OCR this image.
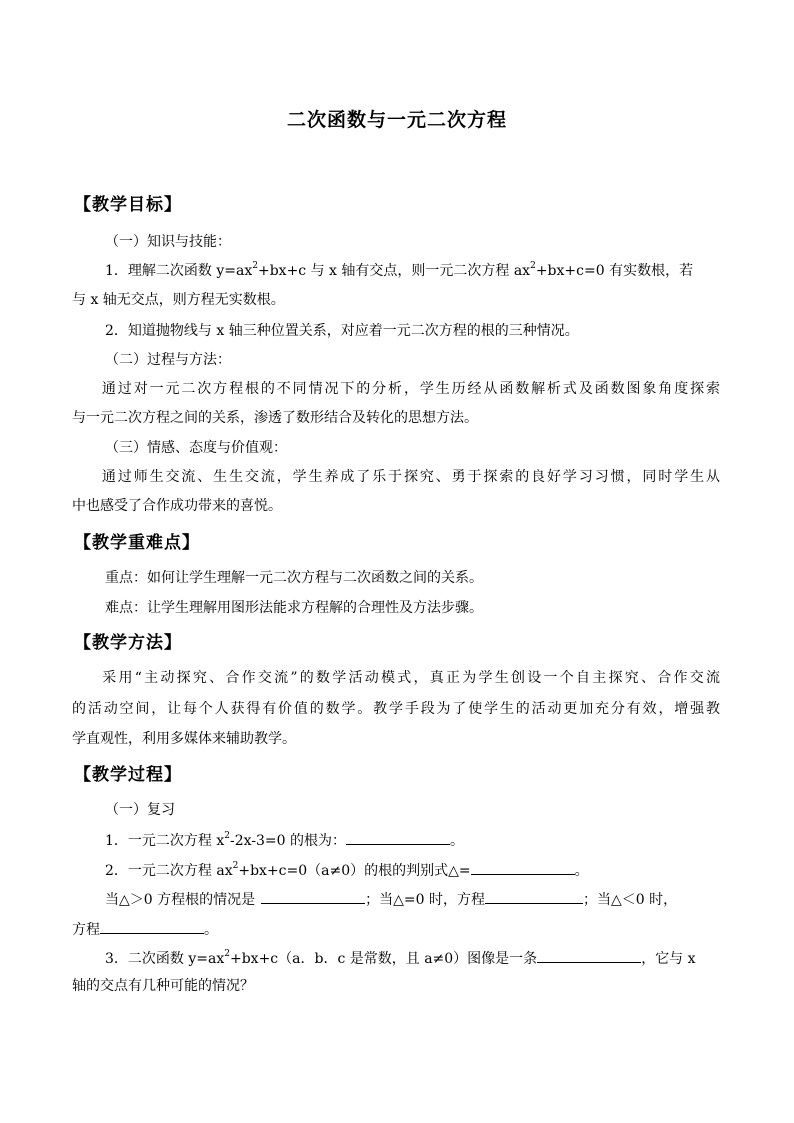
二次函数与一元二次方程
【教学目标】
（一）知识与技能：
1．理解二次函数 $y=ax^2+bx+c$ 与 x 轴有交点，则一元二次方程 $ax^2+bx+c=0$ 有实数根，若
与 x 轴无交点，则方程无实数根。
2．知道抛物线与 x 轴三种位置关系，对应着一元二次方程的根的三种情况。
（二）过程与方法：
通过对一元二次方程根的不同情况下的分析，学生历经从函数解析式及函数图象角度探索
与一元二次方程之间的关系，渗透了数形结合及转化的思想方法。
（三）情感、态度与价值观：
通过师生交流、生生交流，学生养成了乐于探究、勇于探索的良好学习习惯，同时学生从
中也感受了合作成功带来的喜悦。
【教学重难点】
重点：如何让学生理解一元二次方程与二次函数之间的关系。
难点：让学生理解用图形法能求方程解的合理性及方法步骤。
【教学方法】
采用“主动探究、合作交流”的数学活动模式，真正为学生创设一个自主探究、合作交流
的活动空间，让每个人获得有价值的数学。教学手段为了使学生的活动更加充分有效，增强教
学直观性，利用多媒体来辅助教学。
【教学过程】
（一）复习
1．一元二次方程 $x^2-2x-3=0$ 的根为：	。
2．一元二次方程 $ax^2+bx+c=0(a\ne 0)$的根的判别式△=	。
当△＞0 方程根的情况是	；当△=0 时，方程	；当△＜0 时，
方程	。
3．二次函数 $y=ax^2+bx+c(a$．b．c 是常数，且 a≠0）图像是一条	，它与 x
轴的交点有几种可能的情况？
